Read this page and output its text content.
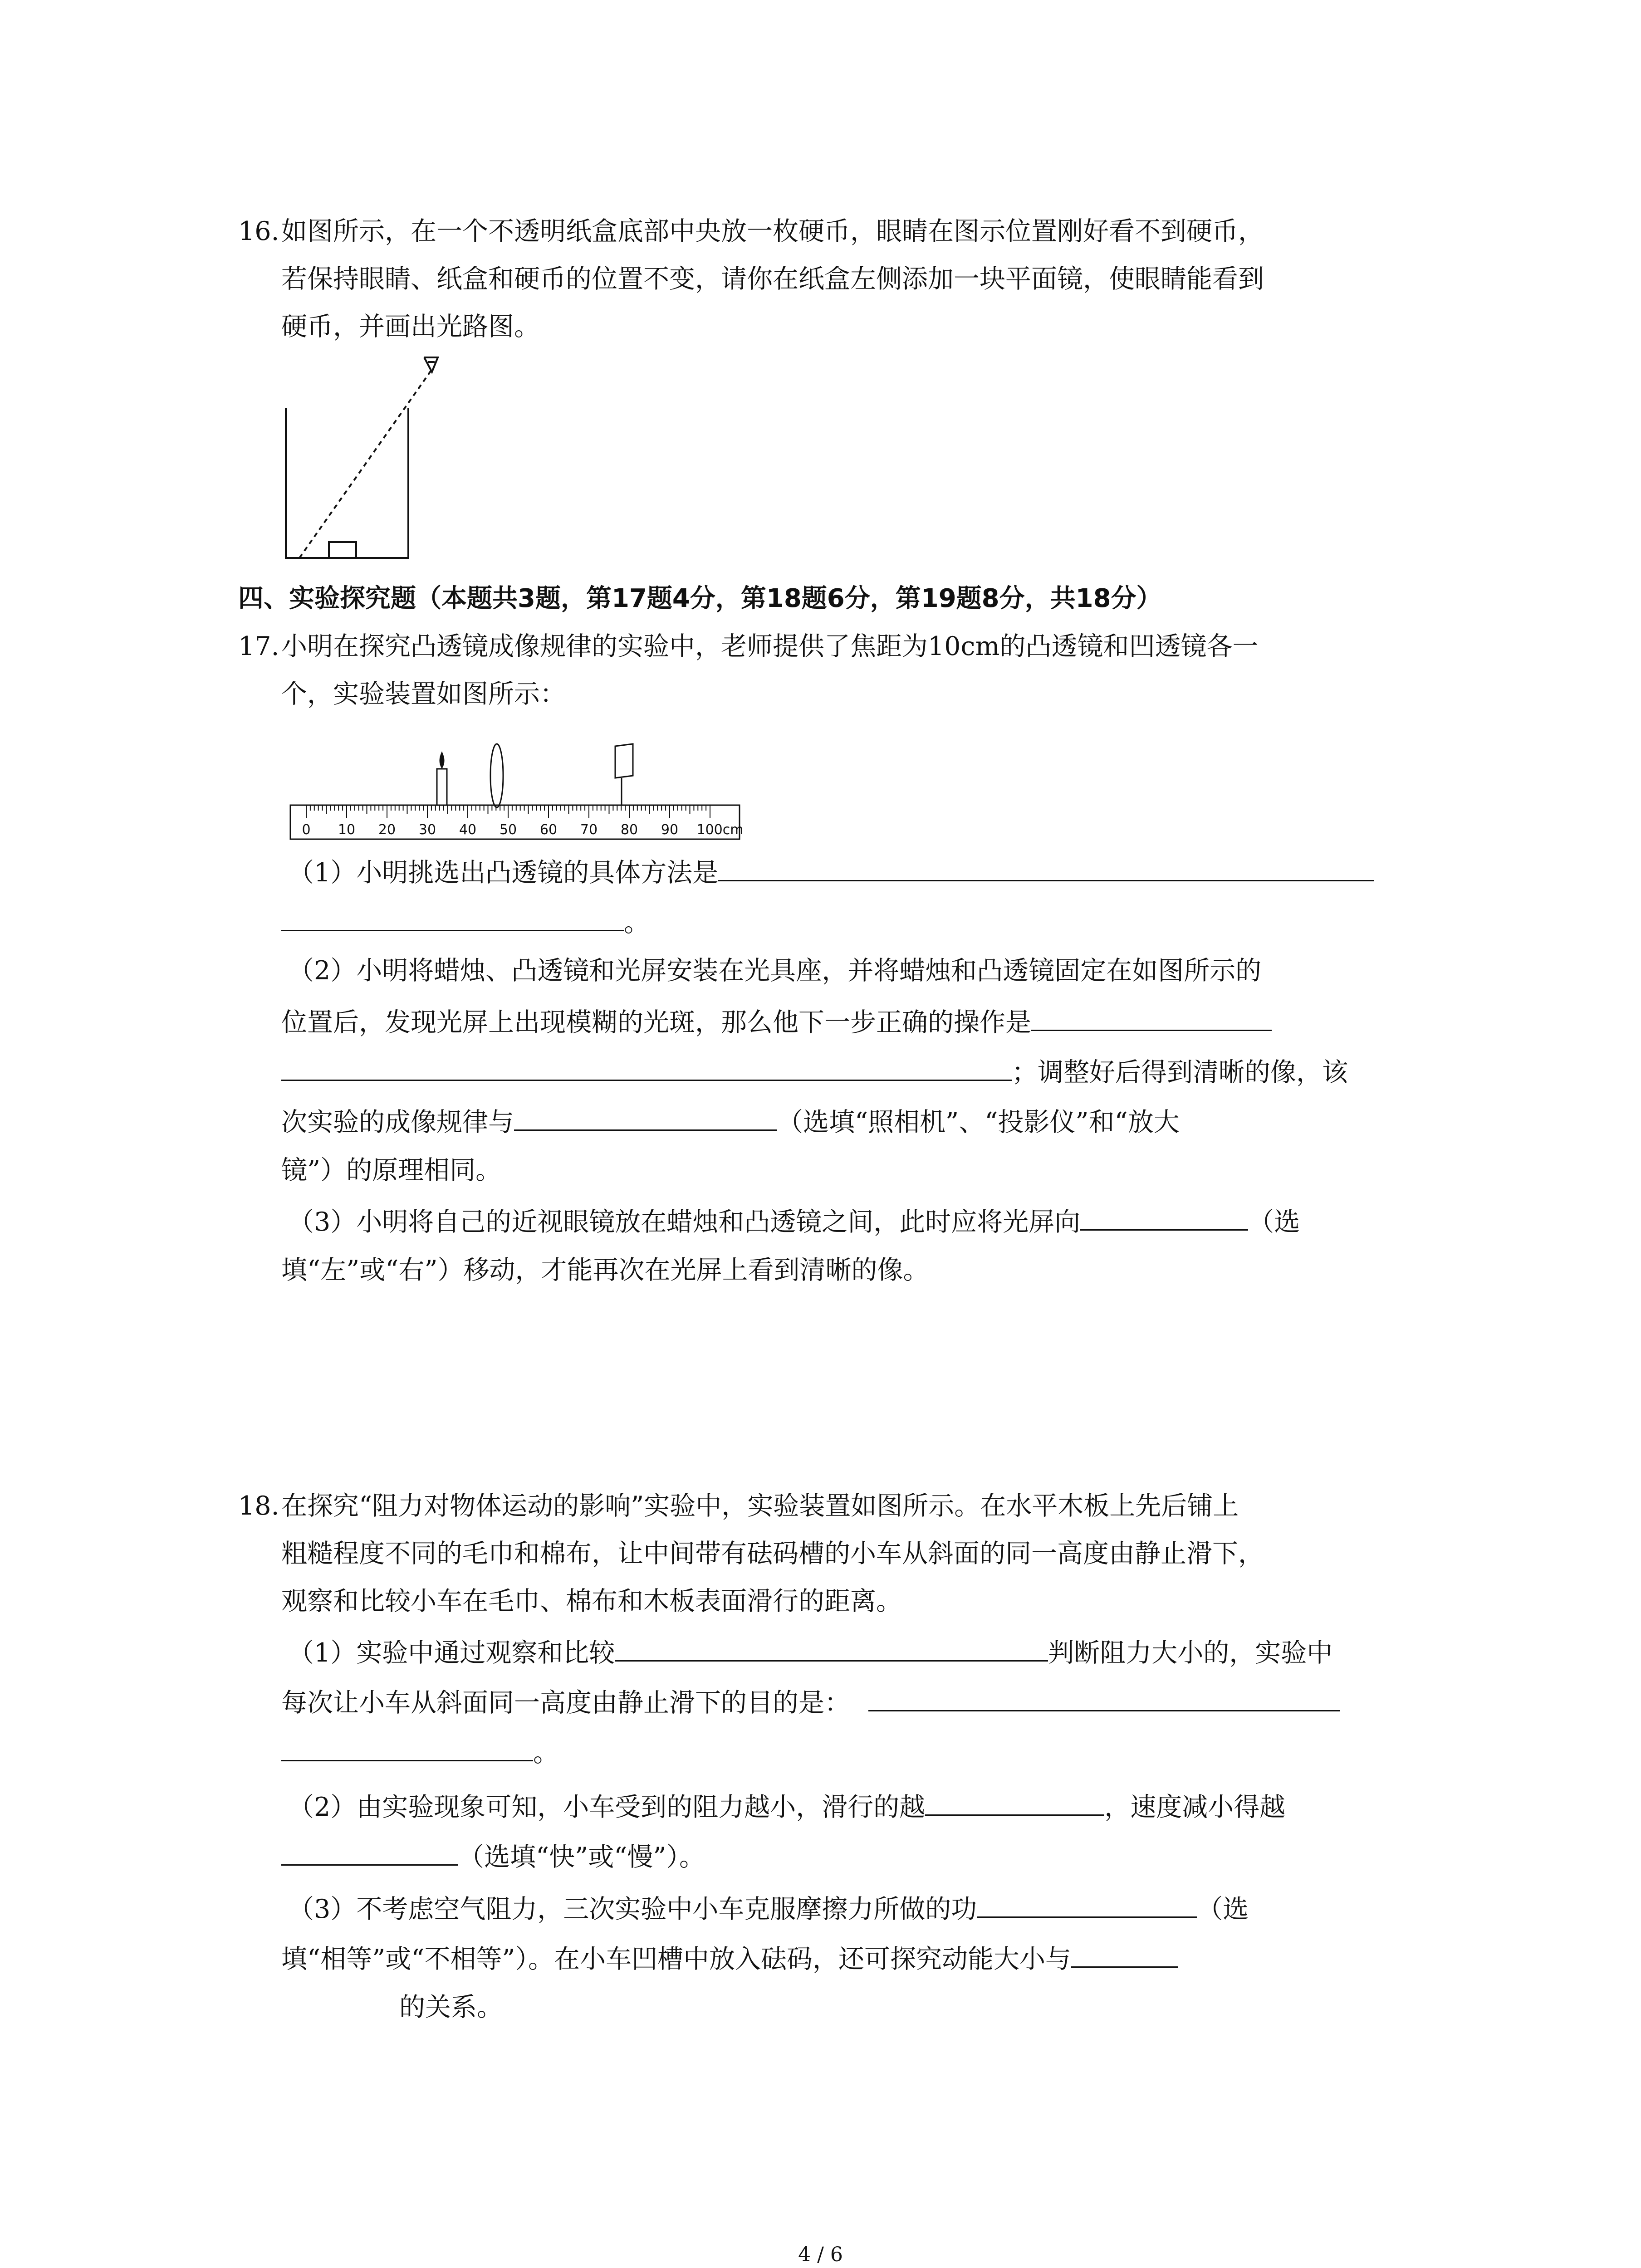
16.如图所示，在一个不透明纸盒底部中央放一枚硬币，眼睛在图示位置刚好看不到硬币，
若保持眼睛、纸盒和硬币的位置不变，请你在纸盒左侧添加一块平面镜，使眼睛能看到
硬币，并画出光路图。
四、实验探究题（本题共3题，第17题4分，第18题6分，第19题8分，共18分）
17.小明在探究凸透镜成像规律的实验中，老师提供了焦距为10cm的凸透镜和凹透镜各一
个，实验装置如图所示：
0 10 20 30 40 50 60 70 80 90 100cm
（1）小明挑选出凸透镜的具体方法是
。
（2）小明将蜡烛、凸透镜和光屏安装在光具座，并将蜡烛和凸透镜固定在如图所示的
位置后，发现光屏上出现模糊的光斑，那么他下一步正确的操作是
；调整好后得到清晰的像，该
次实验的成像规律与	（选填“照相机”、“投影仪”和“放大
镜”）的原理相同。
（3）小明将自己的近视眼镜放在蜡烛和凸透镜之间，此时应将光屏向	（选
填“左”或“右”）移动，才能再次在光屏上看到清晰的像。
18.在探究“阻力对物体运动的影响”实验中，实验装置如图所示。在水平木板上先后铺上
粗糙程度不同的毛巾和棉布，让中间带有砝码槽的小车从斜面的同一高度由静止滑下，
观察和比较小车在毛巾、棉布和木板表面滑行的距离。
（1）实验中通过观察和比较	判断阻力大小的，实验中
每次让小车从斜面同一高度由静止滑下的目的是：
。
（2）由实验现象可知，小车受到的阻力越小，滑行的越	，速度减小得越
（选填“快”或“慢”）。
（3）不考虑空气阻力，三次实验中小车克服摩擦力所做的功	（选
填“相等”或“不相等”）。在小车凹槽中放入砝码，还可探究动能大小与
的关系。
4 / 6
